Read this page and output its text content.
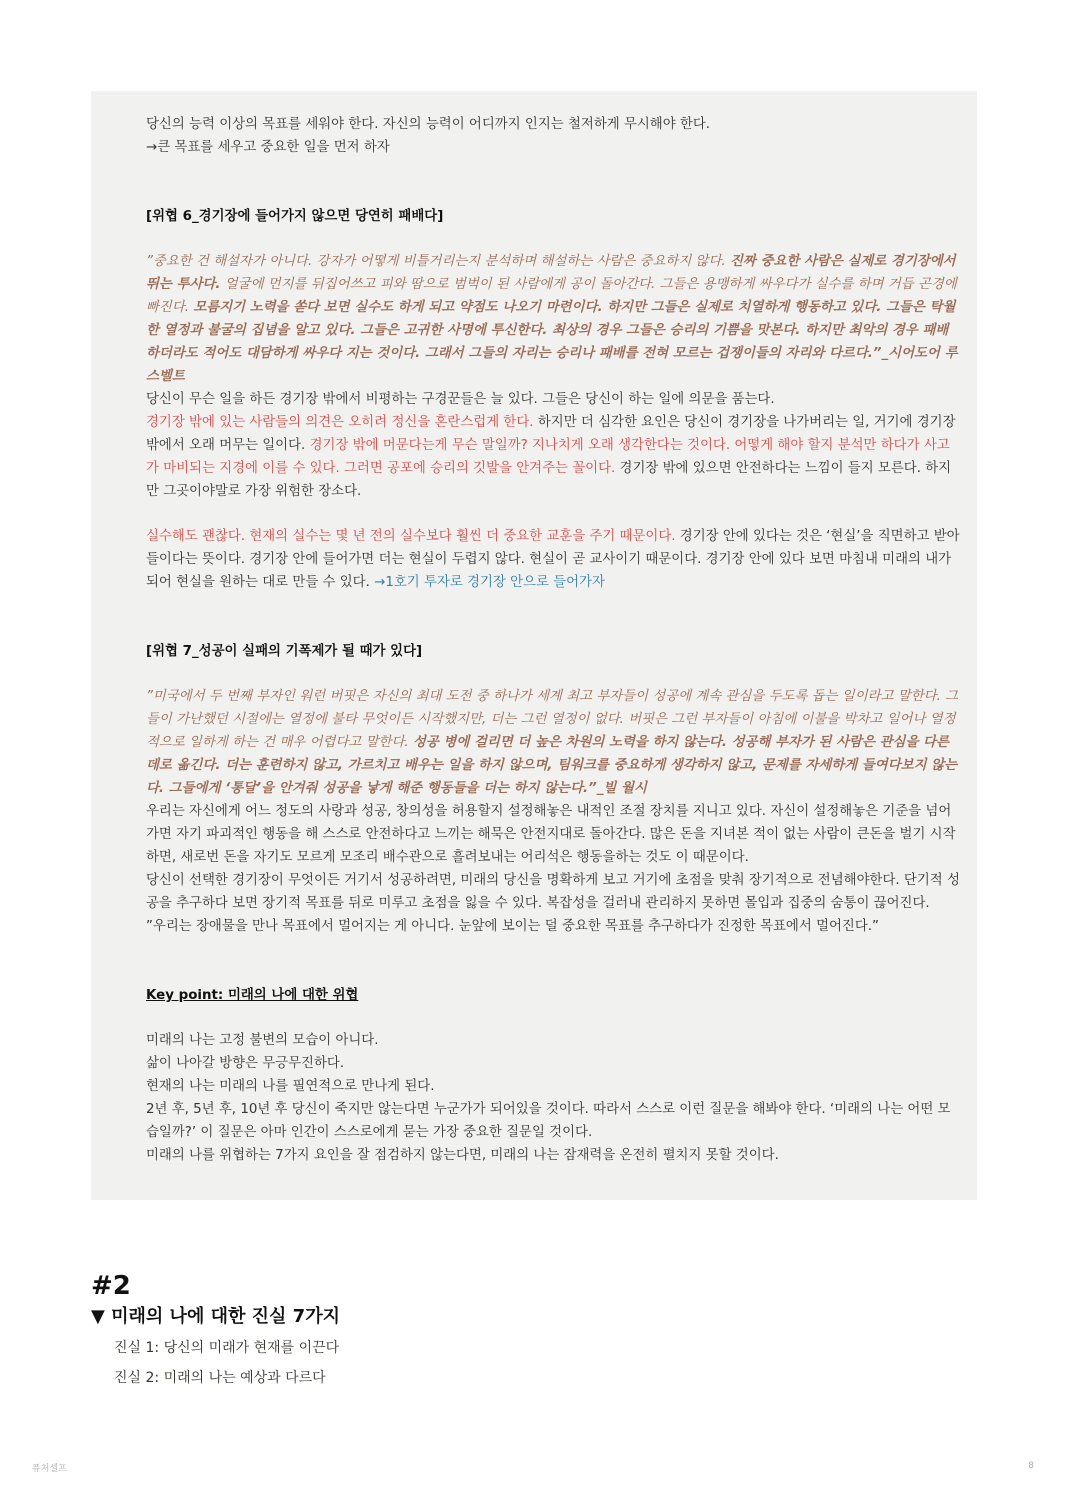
당신의 능력 이상의 목표를 세워야 한다. 자신의 능력이 어디까지 인지는 철저하게 무시해야 한다.

→큰 목표를 세우고 중요한 일을 먼저 하자

[위협 6_경기장에 들어가지 않으면 당연히 패배다]

”중요한 건 해설자가 아니다. 강자가 어떻게 비틀거리는지 분석하며 해설하는 사람은 중요하지 않다. 진짜 중요한 사람은 실제로 경기장에서 뛰는 투사다. 얼굴에 먼지를 뒤집어쓰고 피와 땀으로 범벅이 된 사람에게 공이 돌아간다. 그들은 용맹하게 싸우다가 실수를 하며 거듭 곤경에 빠진다. 모름지기 노력을 쏟다 보면 실수도 하게 되고 약점도 나오기 마련이다. 하지만 그들은 실제로 치열하게 행동하고 있다. 그들은 탁월한 열정과 불굴의 집념을 알고 있다. 그들은 고귀한 사명에 투신한다. 최상의 경우 그들은 승리의 기쁨을 맛본다. 하지만 최악의 경우 패배하더라도 적어도 대담하게 싸우다 지는 것이다. 그래서 그들의 자리는 승리나 패배를 전혀 모르는 겁쟁이들의 자리와 다르다.”_시어도어 루스벨트

당신이 무슨 일을 하든 경기장 밖에서 비평하는 구경꾼들은 늘 있다. 그들은 당신이 하는 일에 의문을 품는다.
경기장 밖에 있는 사람들의 의견은 오히려 정신을 혼란스럽게 한다. 하지만 더 심각한 요인은 당신이 경기장을 나가버리는 일, 거기에 경기장 밖에서 오래 머무는 일이다. 경기장 밖에 머문다는게 무슨 말일까? 지나치게 오래 생각한다는 것이다. 어떻게 해야 할지 분석만 하다가 사고가 마비되는 지경에 이를 수 있다. 그러면 공포에 승리의 깃발을 안겨주는 꼴이다. 경기장 밖에 있으면 안전하다는 느낌이 들지 모른다. 하지만 그곳이야말로 가장 위험한 장소다.

실수해도 괜찮다. 현재의 실수는 몇 년 전의 실수보다 훨씬 더 중요한 교훈을 주기 때문이다. 경기장 안에 있다는 것은 ‘현실’을 직면하고 받아들이다는 뜻이다. 경기장 안에 들어가면 더는 현실이 두렵지 않다. 현실이 곧 교사이기 때문이다. 경기장 안에 있다 보면 마침내 미래의 내가 되어 현실을 원하는 대로 만들 수 있다. →1호기 투자로 경기장 안으로 들어가자

[위협 7_성공이 실패의 기폭제가 될 때가 있다]

”미국에서 두 번째 부자인 워런 버핏은 자신의 최대 도전 중 하나가 세계 최고 부자들이 성공에 계속 관심을 두도록 돕는 일이라고 말한다. 그들이 가난했던 시절에는 열정에 불타 무엇이든 시작했지만, 더는 그런 열정이 없다. 버핏은 그런 부자들이 아침에 이불을 박차고 일어나 열정적으로 일하게 하는 건 매우 어렵다고 말한다. 성공 병에 걸리면 더 높은 차원의 노력을 하지 않는다. 성공해 부자가 된 사람은 관심을 다른 데로 옮긴다. 더는 훈련하지 않고, 가르치고 배우는 일을 하지 않으며, 팀워크를 중요하게 생각하지 않고, 문제를 자세하게 들여다보지 않는다. 그들에게 ‘통달’을 안겨줘 성공을 낳게 해준 행동들을 더는 하지 않는다.”_빌 월시

우리는 자신에게 어느 정도의 사랑과 성공, 창의성을 허용할지 설정해놓은 내적인 조절 장치를 지니고 있다. 자신이 설정해놓은 기준을 넘어가면 자기 파괴적인 행동을 해 스스로 안전하다고 느끼는 해묵은 안전지대로 돌아간다. 많은 돈을 지녀본 적이 없는 사람이 큰돈을 벌기 시작하면, 새로번 돈을 자기도 모르게 모조리 배수관으로 흘려보내는 어리석은 행동을하는 것도 이 때문이다.

당신이 선택한 경기장이 무엇이든 거기서 성공하려면, 미래의 당신을 명확하게 보고 거기에 초점을 맞춰 장기적으로 전념해야한다. 단기적 성공을 추구하다 보면 장기적 목표를 뒤로 미루고 초점을 잃을 수 있다. 복잡성을 걸러내 관리하지 못하면 몰입과 집중의 숨통이 끊어진다.

”우리는 장애물을 만나 목표에서 멀어지는 게 아니다. 눈앞에 보이는 덜 중요한 목표를 추구하다가 진정한 목표에서 멀어진다.”

Key point: 미래의 나에 대한 위협

미래의 나는 고정 불변의 모습이 아니다.

삶이 나아갈 방향은 무긍무진하다.

현재의 나는 미래의 나를 필연적으로 만나게 된다.

2년 후, 5년 후, 10년 후 당신이 죽지만 않는다면 누군가가 되어있을 것이다. 따라서 스스로 이런 질문을 해봐야 한다. ‘미래의 나는 어떤 모습일까?’ 이 질문은 아마 인간이 스스로에게 묻는 가장 중요한 질문일 것이다.

미래의 나를 위협하는 7가지 요인을 잘 점검하지 않는다면, 미래의 나는 잠재력을 온전히 펼치지 못할 것이다.

#2
▼ 미래의 나에 대한 진실 7가지
진실 1: 당신의 미래가 현재를 이끈다
진실 2: 미래의 나는 예상과 다르다
퓨처셀프	8
